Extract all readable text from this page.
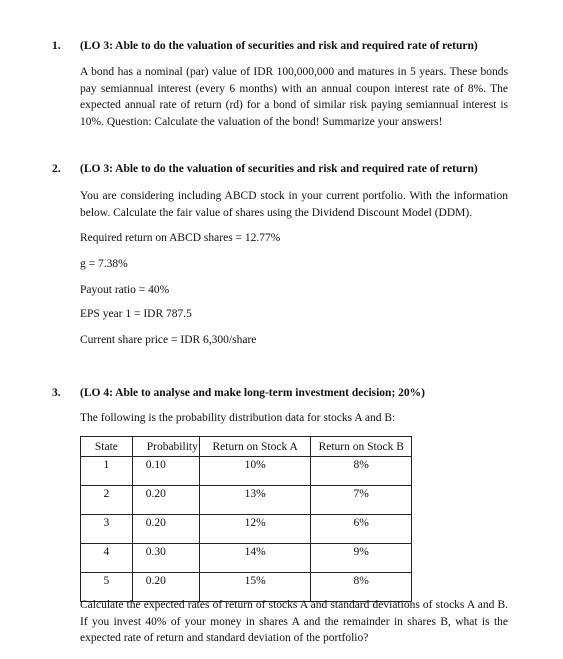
1. (LO 3: Able to do the valuation of securities and risk and required rate of return)
A bond has a nominal (par) value of IDR 100,000,000 and matures in 5 years. These bonds pay semiannual interest (every 6 months) with an annual coupon interest rate of 8%. The expected annual rate of return (rd) for a bond of similar risk paying semiannual interest is 10%. Question: Calculate the valuation of the bond! Summarize your answers!
2. (LO 3: Able to do the valuation of securities and risk and required rate of return)
You are considering including ABCD stock in your current portfolio. With the information below. Calculate the fair value of shares using the Dividend Discount Model (DDM).
Required return on ABCD shares = 12.77%
g = 7.38%
Payout ratio = 40%
EPS year 1 = IDR 787.5
Current share price = IDR 6,300/share
3. (LO 4: Able to analyse and make long-term investment decision; 20%)
The following is the probability distribution data for stocks A and B:
State	Probability	Return on Stock A	Return on Stock B
1	0.10	10%	8%
2	0.20	13%	7%
3	0.20	12%	6%
4	0.30	14%	9%
5	0.20	15%	8%
Calculate the expected rates of return of stocks A and standard deviations of stocks A and B. If you invest 40% of your money in shares A and the remainder in shares B, what is the expected rate of return and standard deviation of the portfolio?
